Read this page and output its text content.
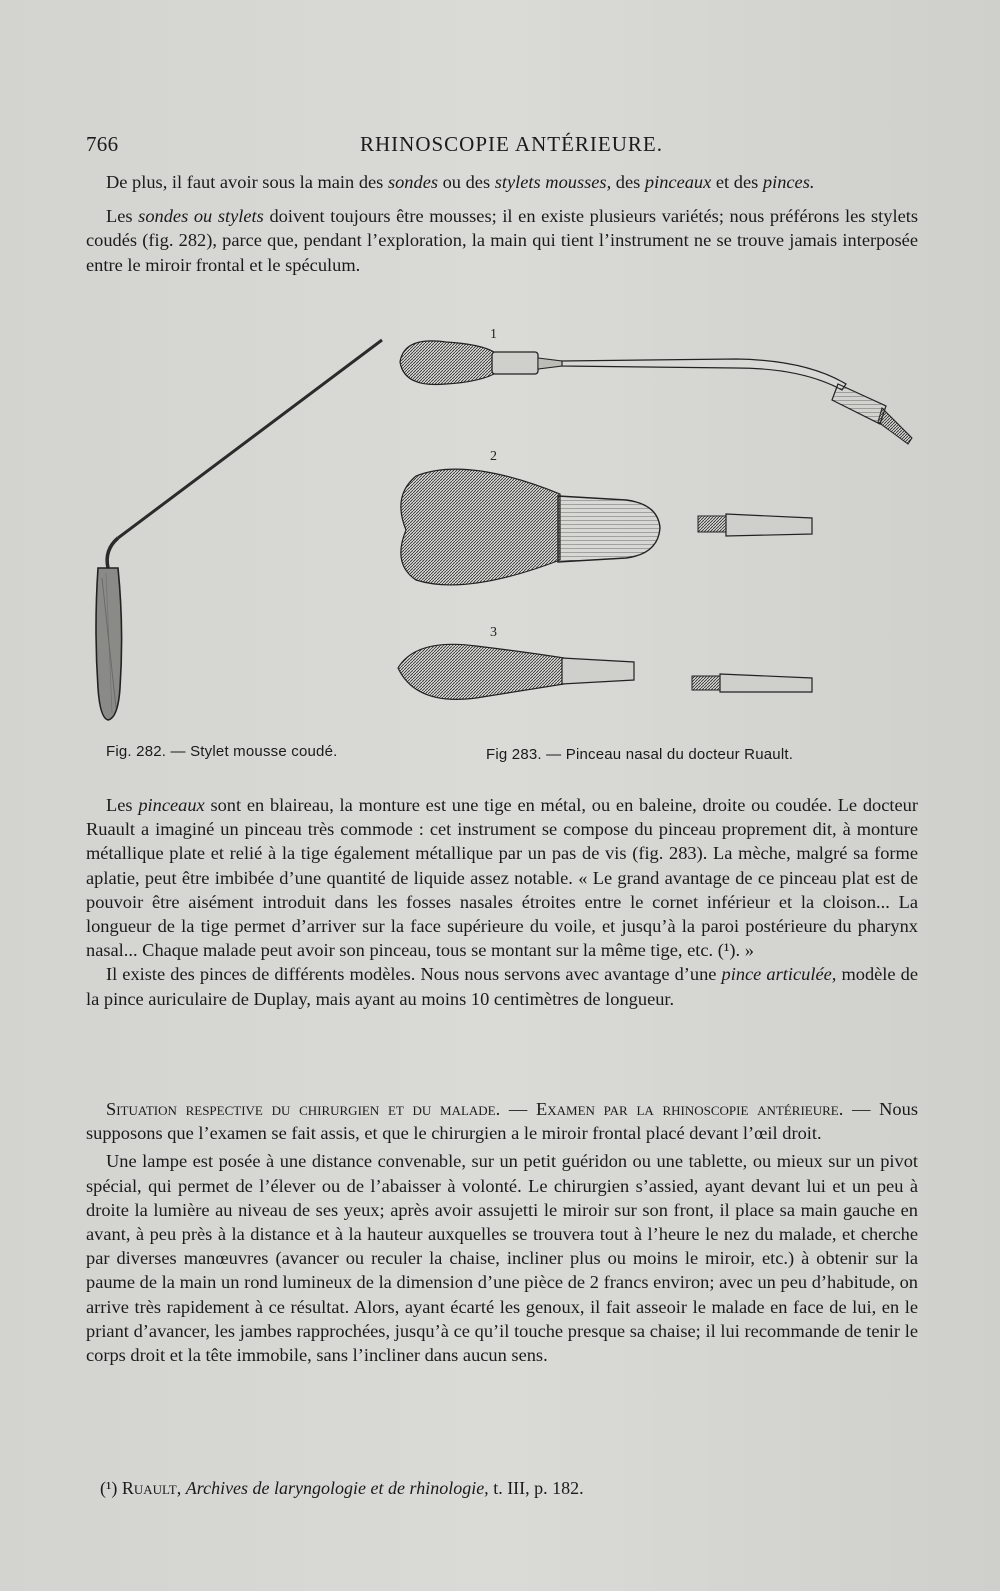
766	RHINOSCOPIE ANTÉRIEURE.

De plus, il faut avoir sous la main des sondes ou des stylets mousses, des pinceaux et des pinces.

Les sondes ou stylets doivent toujours être mousses; il en existe plusieurs variétés; nous préférons les stylets coudés (fig. 282), parce que, pendant l’exploration, la main qui tient l’instrument ne se trouve jamais interposée entre le miroir frontal et le spéculum.

1
2
3
Fig. 282. — Stylet mousse coudé.	Fig 283. — Pinceau nasal du docteur Ruault.

Les pinceaux sont en blaireau, la monture est une tige en métal, ou en baleine, droite ou coudée. Le docteur Ruault a imaginé un pinceau très commode : cet instrument se compose du pinceau proprement dit, à monture métallique plate et relié à la tige également métallique par un pas de vis (fig. 283). La mèche, malgré sa forme aplatie, peut être imbibée d’une quantité de liquide assez notable. « Le grand avantage de ce pinceau plat est de pouvoir être aisément introduit dans les fosses nasales étroites entre le cornet inférieur et la cloison... La longueur de la tige permet d’arriver sur la face supérieure du voile, et jusqu’à la paroi postérieure du pharynx nasal... Chaque malade peut avoir son pinceau, tous se montant sur la même tige, etc. (¹). »

Il existe des pinces de différents modèles. Nous nous servons avec avantage d’une pince articulée, modèle de la pince auriculaire de Duplay, mais ayant au moins 10 centimètres de longueur.

Situation respective du chirurgien et du malade. — Examen par la rhinoscopie antérieure. — Nous supposons que l’examen se fait assis, et que le chirurgien a le miroir frontal placé devant l’œil droit.

Une lampe est posée à une distance convenable, sur un petit guéridon ou une tablette, ou mieux sur un pivot spécial, qui permet de l’élever ou de l’abaisser à volonté. Le chirurgien s’assied, ayant devant lui et un peu à droite la lumière au niveau de ses yeux; après avoir assujetti le miroir sur son front, il place sa main gauche en avant, à peu près à la distance et à la hauteur auxquelles se trouvera tout à l’heure le nez du malade, et cherche par diverses manœuvres (avancer ou reculer la chaise, incliner plus ou moins le miroir, etc.) à obtenir sur la paume de la main un rond lumineux de la dimension d’une pièce de 2 francs environ; avec un peu d’habitude, on arrive très rapidement à ce résultat. Alors, ayant écarté les genoux, il fait asseoir le malade en face de lui, en le priant d’avancer, les jambes rapprochées, jusqu’à ce qu’il touche presque sa chaise; il lui recommande de tenir le corps droit et la tête immobile, sans l’incliner dans aucun sens.

(¹) Ruault, Archives de laryngologie et de rhinologie, t. III, p. 182.
